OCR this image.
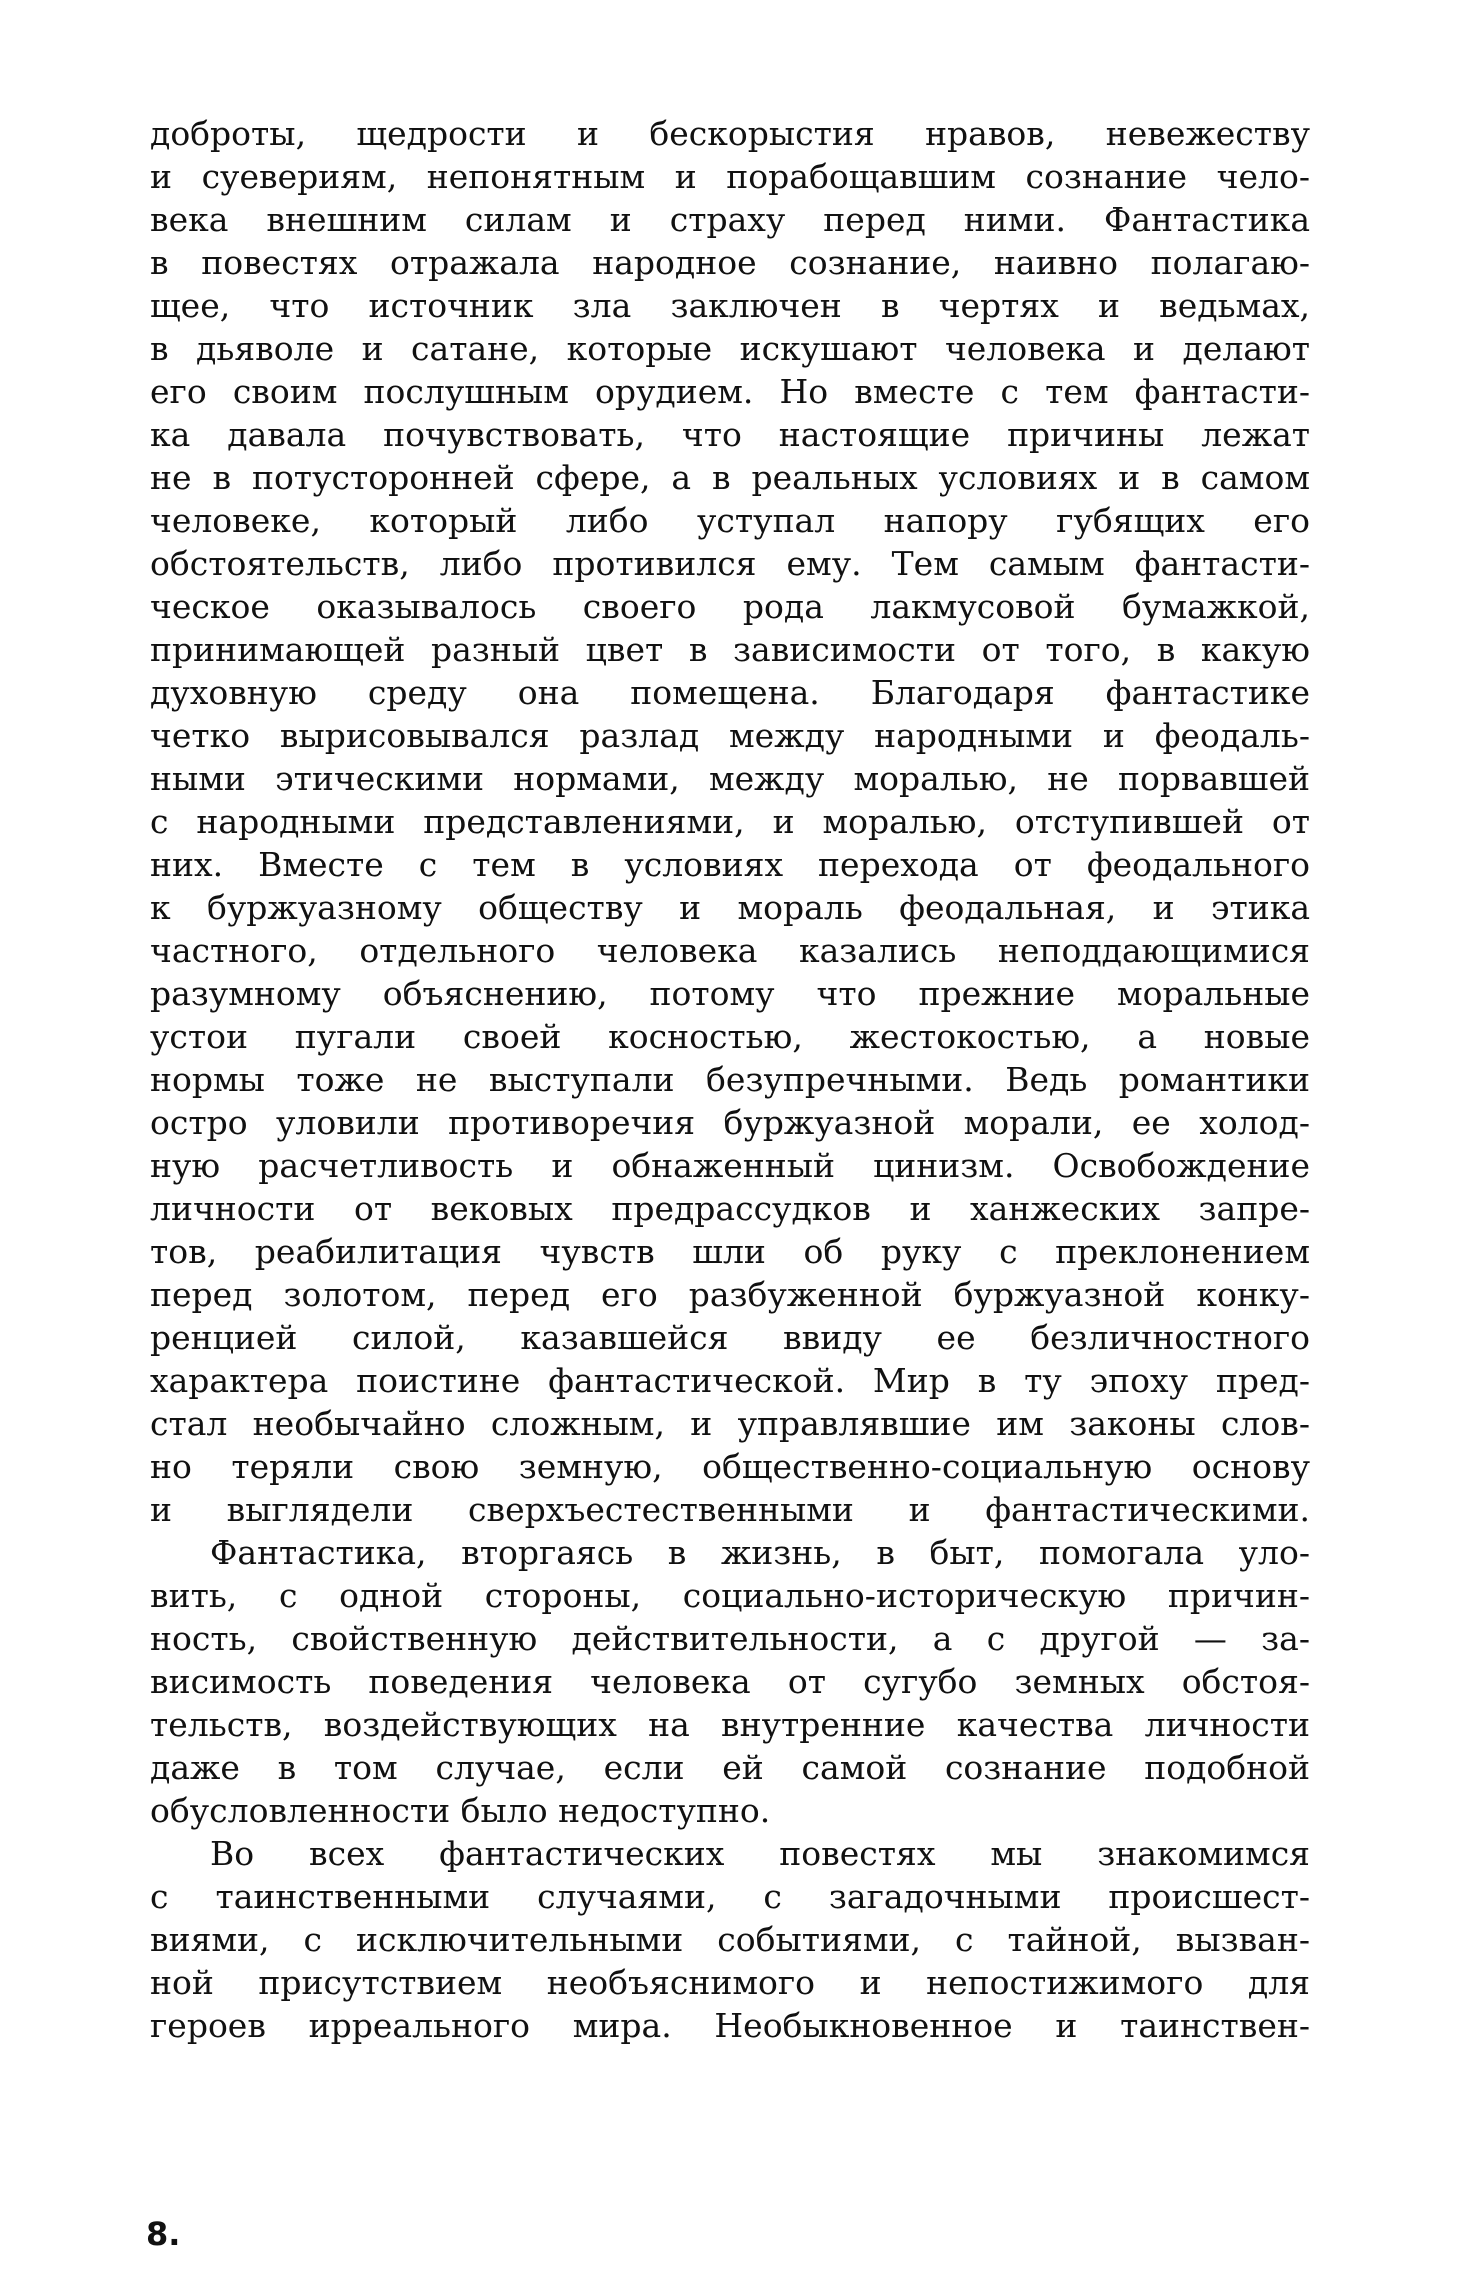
доброты, щедрости и бескорыстия нравов, невежеству
и суевериям, непонятным и порабощавшим сознание чело-
века внешним силам и страху перед ними. Фантастика
в повестях отражала народное сознание, наивно полагаю-
щее, что источник зла заключен в чертях и ведьмах,
в дьяволе и сатане, которые искушают человека и делают
его своим послушным орудием. Но вместе с тем фантасти-
ка давала почувствовать, что настоящие причины лежат
не в потусторонней сфере, а в реальных условиях и в самом
человеке, который либо уступал напору губящих его
обстоятельств, либо противился ему. Тем самым фантасти-
ческое оказывалось своего рода лакмусовой бумажкой,
принимающей разный цвет в зависимости от того, в какую
духовную среду она помещена. Благодаря фантастике
четко вырисовывался разлад между народными и феодаль-
ными этическими нормами, между моралью, не порвавшей
с народными представлениями, и моралью, отступившей от
них. Вместе с тем в условиях перехода от феодального
к буржуазному обществу и мораль феодальная, и этика
частного, отдельного человека казались неподдающимися
разумному объяснению, потому что прежние моральные
устои пугали своей косностью, жестокостью, а новые
нормы тоже не выступали безупречными. Ведь романтики
остро уловили противоречия буржуазной морали, ее холод-
ную расчетливость и обнаженный цинизм. Освобождение
личности от вековых предрассудков и ханжеских запре-
тов, реабилитация чувств шли об руку с преклонением
перед золотом, перед его разбуженной буржуазной конку-
ренцией силой, казавшейся ввиду ее безличностного
характера поистине фантастической. Мир в ту эпоху пред-
стал необычайно сложным, и управлявшие им законы слов-
но теряли свою земную, общественно-социальную основу
и выглядели сверхъестественными и фантастическими.
Фантастика, вторгаясь в жизнь, в быт, помогала уло-
вить, с одной стороны, социально-историческую причин-
ность, свойственную действительности, а с другой — за-
висимость поведения человека от сугубо земных обстоя-
тельств, воздействующих на внутренние качества личности
даже в том случае, если ей самой сознание подобной
обусловленности было недоступно.
Во всех фантастических повестях мы знакомимся
с таинственными случаями, с загадочными происшест-
виями, с исключительными событиями, с тайной, вызван-
ной присутствием необъяснимого и непостижимого для
героев ирреального мира. Необыкновенное и таинствен-
8.
